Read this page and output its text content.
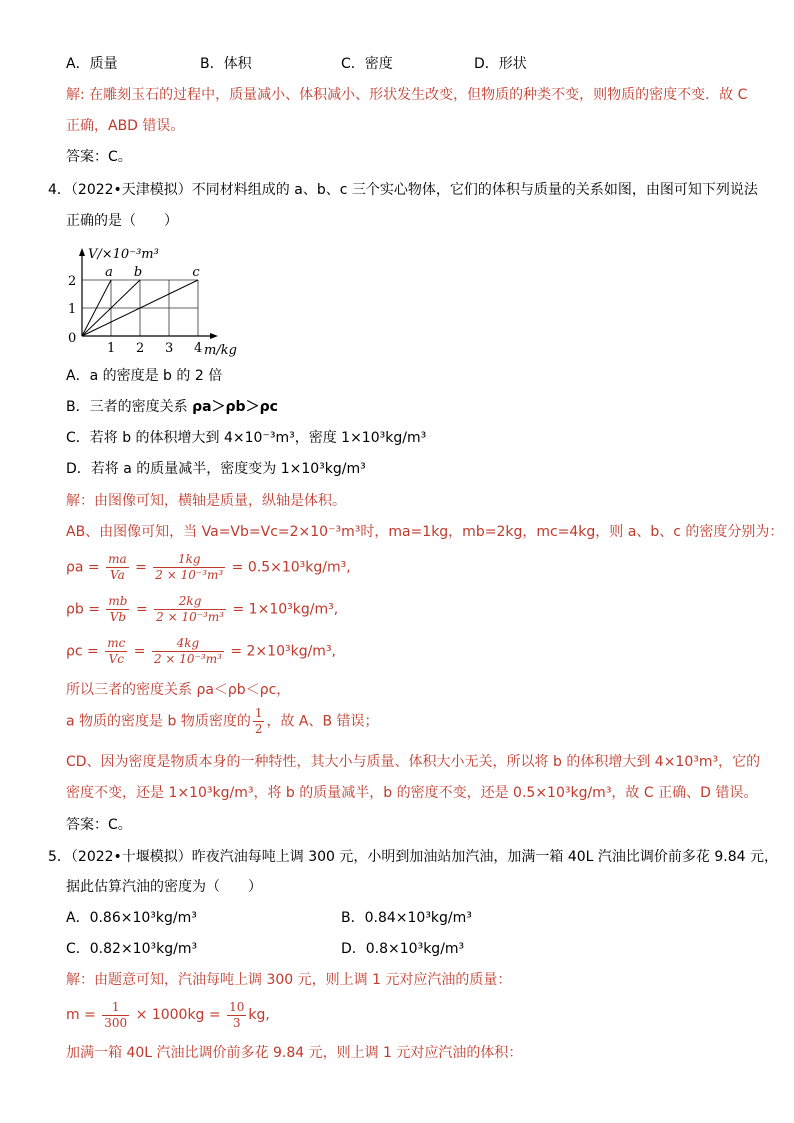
A．质量	B．体积	C．密度	D．形状
解: 在雕刻玉石的过程中，质量减小、体积减小、形状发生改变，但物质的种类不变，则物质的密度不变．故 C
正确，ABD 错误。
答案：C。
4．（2022•天津模拟）不同材料组成的 a、b、c 三个实心物体，它们的体积与质量的关系如图，由图可知下列说法
正确的是（　　）
a b	c
1 2 3 4
1
2
0
m/kg
V/×10⁻³m³
A．a 的密度是 b 的 2 倍
B．三者的密度关系 ρa＞ρb＞ρc
C．若将 b 的体积增大到 4×10⁻³m³，密度 1×10³kg/m³
D．若将 a 的质量减半，密度变为 1×10³kg/m³
解：由图像可知，横轴是质量，纵轴是体积。
AB、由图像可知，当 Va=Vb=Vc=2×10⁻³m³时，ma=1kg，mb=2kg，mc=4kg，则 a、b、c 的密度分别为：
$\rho a = \frac{ma}{Va} = \frac{1kg}{\text{2 × 10⁻³m³}} = 0.5\times 10^3kg/m^3$,
$\rho b = \frac{mb}{Vb} = \frac{2kg}{\text{2 × 10⁻³m³}} = 1\times 10^3kg/m^3$,
$\rho c = \frac{mc}{Vc} = \frac{4kg}{\text{2 × 10⁻³m³}} = 2\times 10^3kg/m^3$,
所以三者的密度关系 ρa＜ρb＜ρc，
a 物质的密度是 b 物质密度的 $\frac{1}{2}$ ，故 A、B 错误；
CD、因为密度是物质本身的一种特性，其大小与质量、体积大小无关，所以将 b 的体积增大到 4×10³m³，它的
密度不变，还是 1×10³kg/m³，将 b 的质量减半，b 的密度不变，还是 0.5×10³kg/m³，故 C 正确、D 错误。
答案：C。
5．（2022•十堰模拟）昨夜汽油每吨上调 300 元，小明到加油站加汽油，加满一箱 40L 汽油比调价前多花 9.84 元，
据此估算汽油的密度为（　　）
A．0.86×10³kg/m³	B．0.84×10³kg/m³
C．0.82×10³kg/m³	D．0.8×10³kg/m³
解：由题意可知，汽油每吨上调 300 元，则上调 1 元对应汽油的质量：
$m = \frac{1}{300} \times 1000kg = \frac{10}{3}$ kg,
加满一箱 40L 汽油比调价前多花 9.84 元，则上调 1 元对应汽油的体积：
